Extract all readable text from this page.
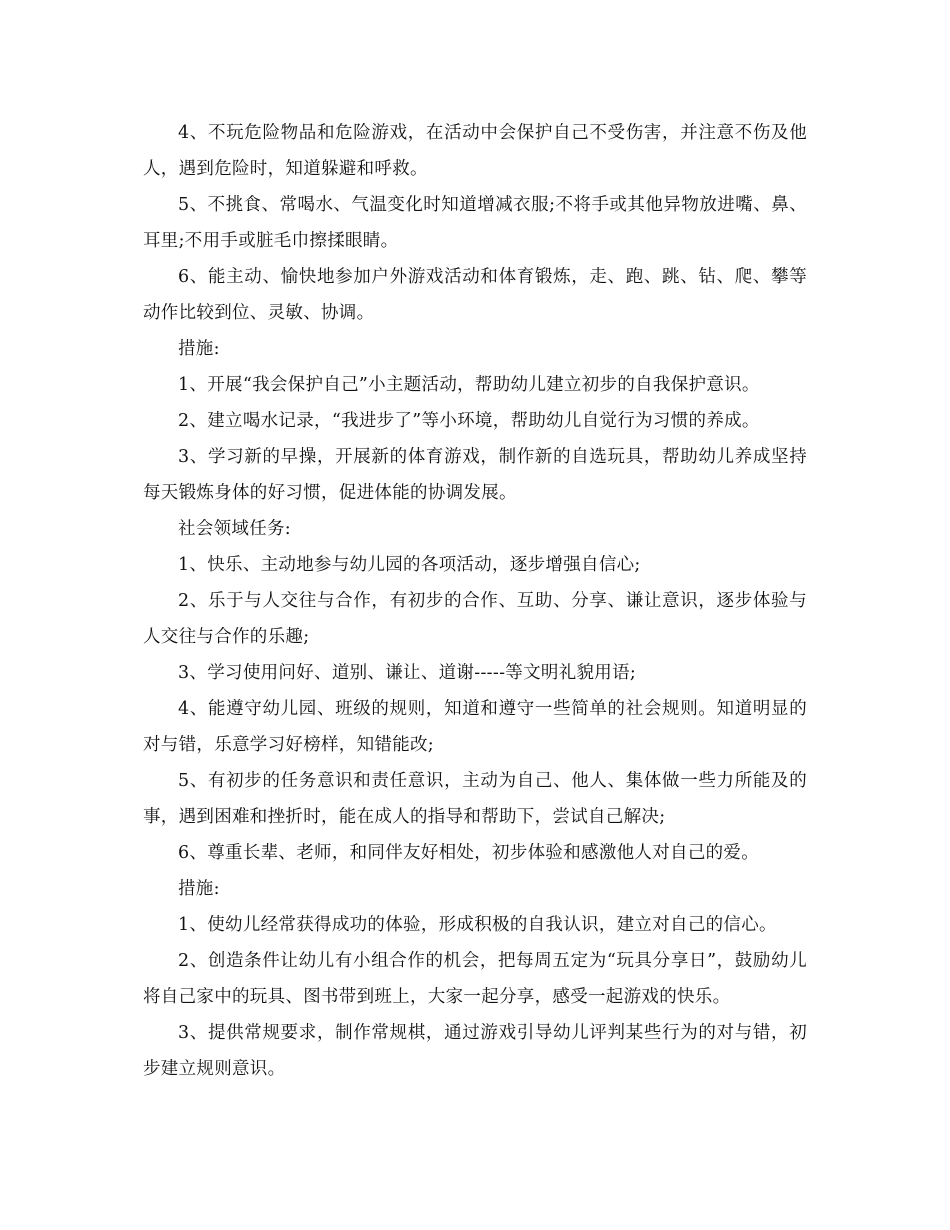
4、不玩危险物品和危险游戏，在活动中会保护自己不受伤害，并注意不伤及他人，遇到危险时，知道躲避和呼救。

5、不挑食、常喝水、气温变化时知道增减衣服;不将手或其他异物放进嘴、鼻、耳里;不用手或脏毛巾擦揉眼睛。

6、能主动、愉快地参加户外游戏活动和体育锻炼，走、跑、跳、钻、爬、攀等动作比较到位、灵敏、协调。

措施:

1、开展“我会保护自己”小主题活动，帮助幼儿建立初步的自我保护意识。

2、建立喝水记录，“我进步了”等小环境，帮助幼儿自觉行为习惯的养成。

3、学习新的早操，开展新的体育游戏，制作新的自选玩具，帮助幼儿养成坚持每天锻炼身体的好习惯，促进体能的协调发展。

社会领域任务:

1、快乐、主动地参与幼儿园的各项活动，逐步增强自信心;

2、乐于与人交往与合作，有初步的合作、互助、分享、谦让意识，逐步体验与人交往与合作的乐趣;

3、学习使用问好、道别、谦让、道谢-----等文明礼貌用语;

4、能遵守幼儿园、班级的规则，知道和遵守一些简单的社会规则。知道明显的对与错，乐意学习好榜样，知错能改;

5、有初步的任务意识和责任意识，主动为自己、他人、集体做一些力所能及的事，遇到困难和挫折时，能在成人的指导和帮助下，尝试自己解决;

6、尊重长辈、老师，和同伴友好相处，初步体验和感激他人对自己的爱。

措施:

1、使幼儿经常获得成功的体验，形成积极的自我认识，建立对自己的信心。

2、创造条件让幼儿有小组合作的机会，把每周五定为“玩具分享日”，鼓励幼儿将自己家中的玩具、图书带到班上，大家一起分享，感受一起游戏的快乐。

3、提供常规要求，制作常规棋，通过游戏引导幼儿评判某些行为的对与错，初步建立规则意识。
